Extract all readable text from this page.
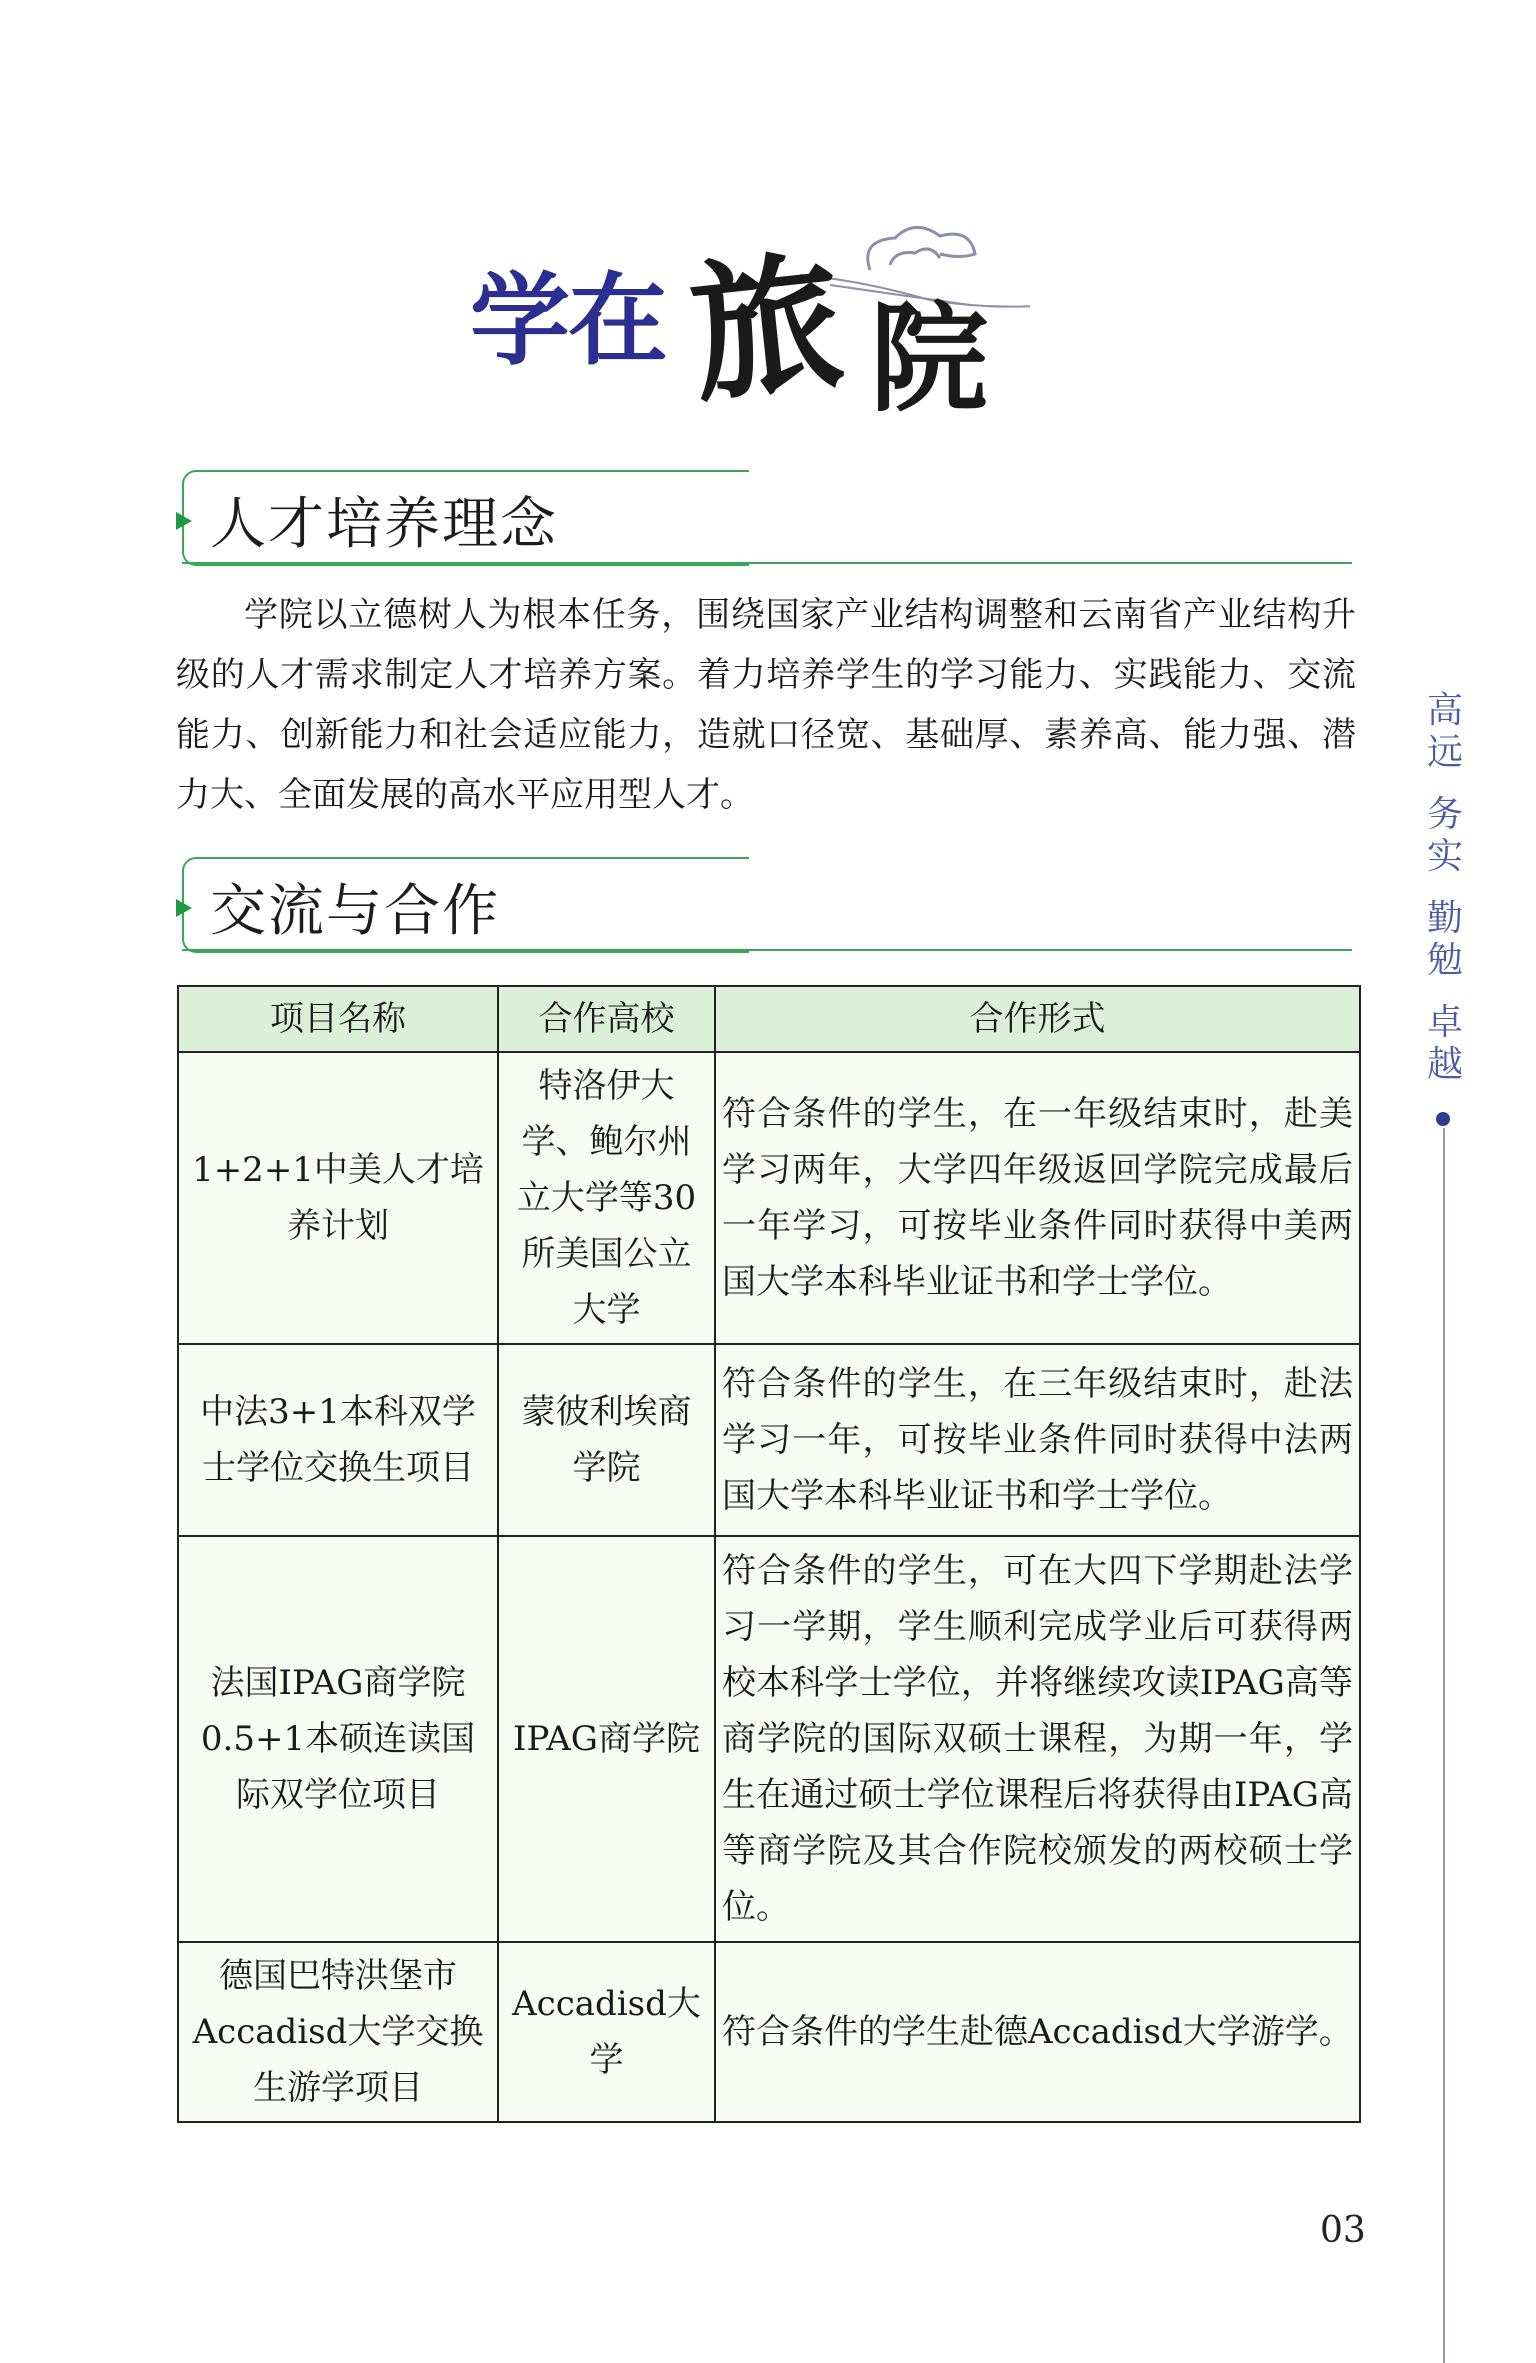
学
在 旅 院
人才培养理念
学院以立德树人为根本任务，围绕国家产业结构调整和云南省产业结构升级的人才需求制定人才培养方案。着力培养学生的学习能力、实践能力、交流能力、创新能力和社会适应能力，造就口径宽、基础厚、素养高、能力强、潜力大、全面发展的高水平应用型人才。
交流与合作
项目名称	合作高校	合作形式
1+2+1中美人才培养计划	特洛伊大学、鲍尔州立大学等30所美国公立大学	符合条件的学生，在一年级结束时，赴美学习两年，大学四年级返回学院完成最后一年学习，可按毕业条件同时获得中美两国大学本科毕业证书和学士学位。
中法3+1本科双学士学位交换生项目	蒙彼利埃商学院	符合条件的学生，在三年级结束时，赴法学习一年，可按毕业条件同时获得中法两国大学本科毕业证书和学士学位。
法国IPAG商学院0.5+1本硕连读国际双学位项目	IPAG商学院	符合条件的学生，可在大四下学期赴法学习一学期，学生顺利完成学业后可获得两校本科学士学位，并将继续攻读IPAG高等商学院的国际双硕士课程，为期一年，学生在通过硕士学位课程后将获得由IPAG高等商学院及其合作院校颁发的两校硕士学位。
德国巴特洪堡市Accadisd大学交换生游学项目	Accadisd大学	符合条件的学生赴德Accadisd大学游学。
高
远
务
实
勤
勉
卓
越
03
